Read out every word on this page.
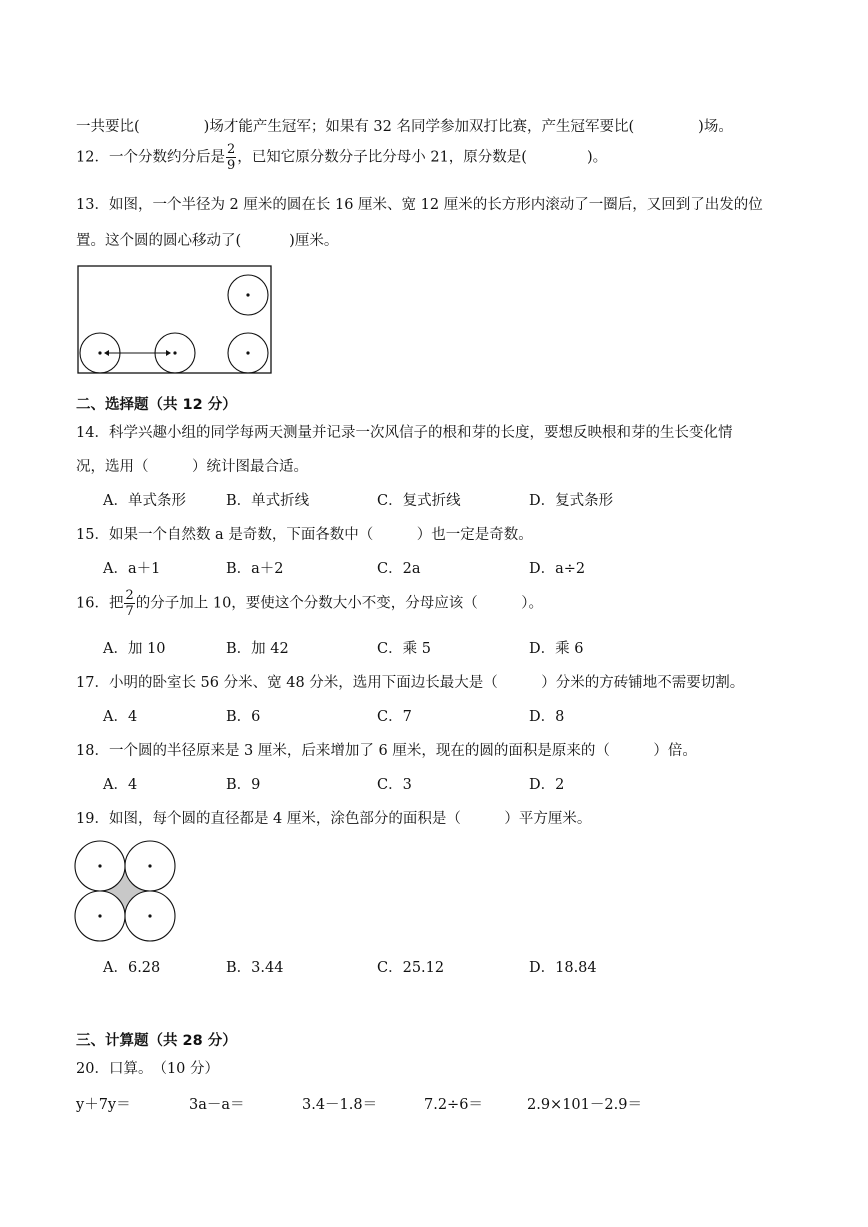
一共要比(	)场才能产生冠军；如果有 32 名同学参加双打比赛，产生冠军要比(	)场。
12．一个分数约分后是 $\frac{2}{9}$ ，已知它原分数分子比分母小 21，原分数是(	)。
13．如图，一个半径为 2 厘米的圆在长 16 厘米、宽 12 厘米的长方形内滚动了一圈后，又回到了出发的位
置。这个圆的圆心移动了(	)厘米。
二、选择题（共 12 分）
14．科学兴趣小组的同学每两天测量并记录一次风信子的根和芽的长度，要想反映根和芽的生长变化情
况，选用（　　　）统计图最合适。
A．单式条形	B．单式折线	C．复式折线	D．复式条形
15．如果一个自然数 a 是奇数，下面各数中（　　　）也一定是奇数。
A．a＋1	B．a＋2	C．2a	D．a÷2
16．把 $\frac{2}{7}$ 的分子加上 10，要使这个分数大小不变，分母应该（　　　）。
A．加 10	B．加 42	C．乘 5	D．乘 6
17．小明的卧室长 56 分米、宽 48 分米，选用下面边长最大是（　　　）分米的方砖铺地不需要切割。
A．4	B．6	C．7	D．8
18．一个圆的半径原来是 3 厘米，后来增加了 6 厘米，现在的圆的面积是原来的（　　　）倍。
A．4	B．9	C．3	D．2
19．如图，每个圆的直径都是 4 厘米，涂色部分的面积是（　　　）平方厘米。
A．6.28	B．3.44	C．25.12	D．18.84
三、计算题（共 28 分）
20．口算。　（10 分）
y＋7y＝	3a－a＝	3.4－1.8＝	7.2÷6＝	2.9×101－2.9＝
